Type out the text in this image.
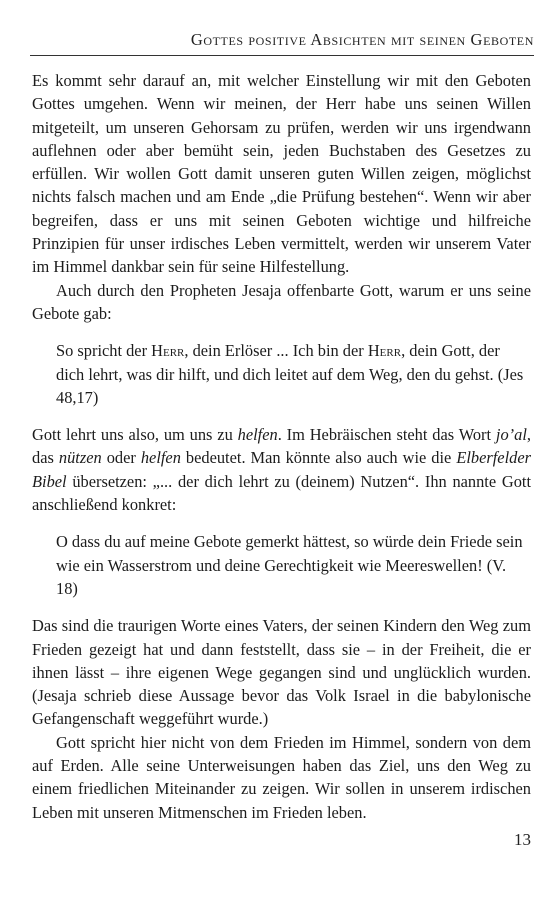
Gottes positive Absichten mit seinen Geboten

Es kommt sehr darauf an, mit welcher Einstellung wir mit den Geboten Gottes umgehen. Wenn wir meinen, der Herr habe uns seinen Willen mitgeteilt, um unseren Gehorsam zu prüfen, werden wir uns irgendwann auflehnen oder aber bemüht sein, jeden Buchstaben des Gesetzes zu erfüllen. Wir wollen Gott damit unseren guten Willen zeigen, möglichst nichts falsch machen und am Ende „die Prüfung bestehen“. Wenn wir aber begreifen, dass er uns mit seinen Geboten wichtige und hilfreiche Prinzipien für unser irdisches Leben vermittelt, werden wir unserem Vater im Himmel dankbar sein für seine Hilfestellung.

Auch durch den Propheten Jesaja offenbarte Gott, warum er uns seine Gebote gab:

So spricht der Herr, dein Erlöser ... Ich bin der Herr, dein Gott, der dich lehrt, was dir hilft, und dich leitet auf dem Weg, den du gehst. (Jes 48,17)

Gott lehrt uns also, um uns zu helfen. Im Hebräischen steht das Wort jo’al, das nützen oder helfen bedeutet. Man könnte also auch wie die Elberfelder Bibel übersetzen: „... der dich lehrt zu (deinem) Nutzen“. Ihn nannte Gott anschließend konkret:

O dass du auf meine Gebote gemerkt hättest, so würde dein Friede sein wie ein Wasserstrom und deine Gerechtigkeit wie Meereswellen! (V. 18)

Das sind die traurigen Worte eines Vaters, der seinen Kindern den Weg zum Frieden gezeigt hat und dann feststellt, dass sie – in der Freiheit, die er ihnen lässt – ihre eigenen Wege gegangen sind und unglücklich wurden. (Jesaja schrieb diese Aussage bevor das Volk Israel in die babylonische Gefangenschaft weggeführt wurde.)

Gott spricht hier nicht von dem Frieden im Himmel, sondern von dem auf Erden. Alle seine Unterweisungen haben das Ziel, uns den Weg zu einem friedlichen Miteinander zu zeigen. Wir sollen in unserem irdischen Leben mit unseren Mitmenschen im Frieden leben.

13
